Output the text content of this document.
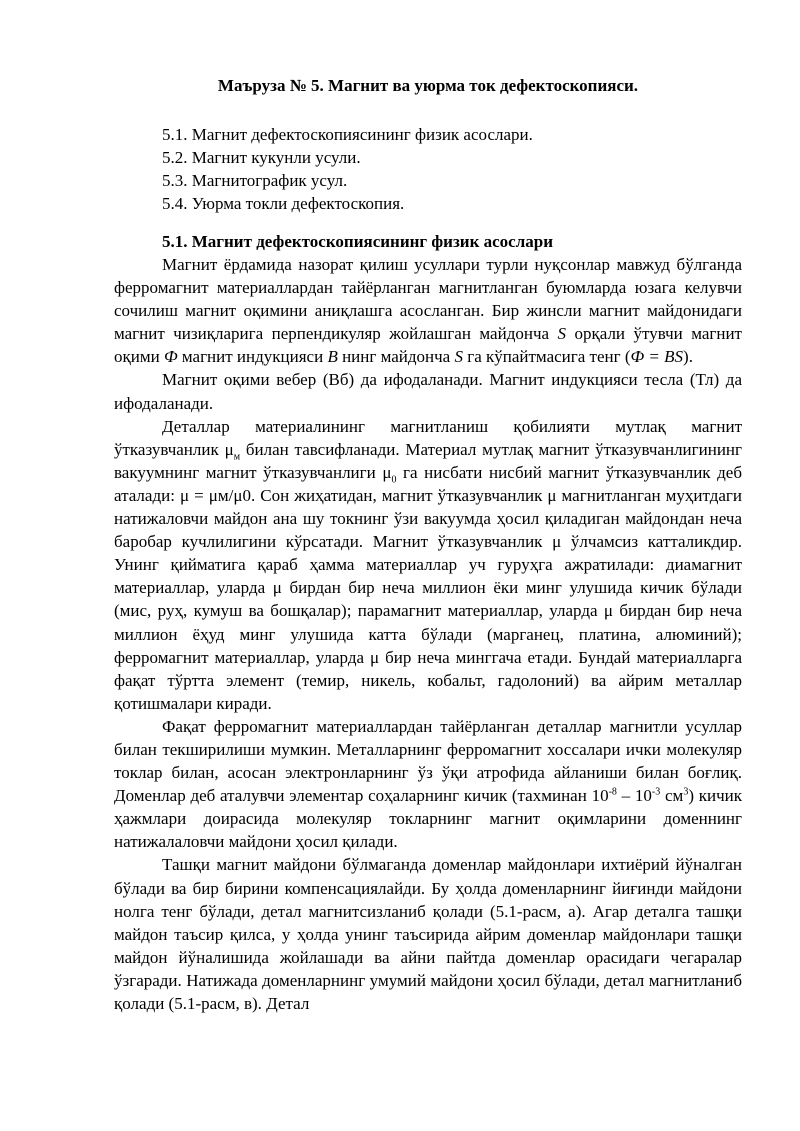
Маъруза № 5. Магнит ва уюрма ток дефектоскопияси.
5.1. Магнит дефектоскопиясининг физик асослари.
5.2. Магнит кукунли усули.
5.3. Магнитографик усул.
5.4. Уюрма токли дефектоскопия.
5.1. Магнит дефектоскопиясининг физик асослари

Магнит ёрдамида назорат қилиш усуллари турли нуқсонлар мавжуд бўлганда ферромагнит материаллардан тайёрланган магнитланган буюмларда юзага келувчи сочилиш магнит оқимини аниқлашга асосланган. Бир жинсли магнит майдонидаги магнит чизиқларига перпендикуляр жойлашган майдонча S орқали ўтувчи магнит оқими Ф магнит индукцияси B нинг майдонча S га кўпайтмасига тенг (Ф = BS).

Магнит оқими вебер (Вб) да ифодаланади. Магнит индукцияси тесла (Тл) да ифодаланади.

Деталлар материалининг магнитланиш қобилияти мутлақ магнит ўтказувчанлик $\mu_м$ билан тавсифланади. Материал мутлақ магнит ўтказувчанлигининг вакуумнинг магнит ўтказувчанлиги $\mu_0$ га нисбати нисбий магнит ўтказувчанлик деб аталади: μ = μм/μ0. Сон жиҳатидан, магнит ўтказувчанлик μ магнитланган муҳитдаги натижаловчи майдон ана шу токнинг ўзи вакуумда ҳосил қиладиган майдондан неча баробар кучлилигини кўрсатади. Магнит ўтказувчанлик μ ўлчамсиз катталикдир. Унинг қийматига қараб ҳамма материаллар уч гуруҳга ажратилади: диамагнит материаллар, уларда μ бирдан бир неча миллион ёки минг улушида кичик бўлади (мис, руҳ, кумуш ва бошқалар); парамагнит материаллар, уларда μ бирдан бир неча миллион ёҳуд минг улушида катта бўлади (марганец, платина, алюминий); ферромагнит материаллар, уларда μ бир неча минггача етади. Бундай материалларга фақат тўртта элемент (темир, никель, кобальт, гадолоний) ва айрим металлар қотишмалари киради.

Фақат ферромагнит материаллардан тайёрланган деталлар магнитли усуллар билан текширилиши мумкин. Металларнинг ферромагнит хоссалари ички молекуляр токлар билан, асосан электронларнинг ўз ўқи атрофида айланиши билан боғлиқ. Доменлар деб аталувчи элементар соҳаларнинг кичик (тахминан $10^{-8} - 10^{-3}$ $см^3$) кичик ҳажмлари доирасида молекуляр токларнинг магнит оқимларини доменнинг натижалаловчи майдони ҳосил қилади.

Ташқи магнит майдони бўлмаганда доменлар майдонлари ихтиёрий йўналган бўлади ва бир бирини компенсациялайди. Бу ҳолда доменларнинг йиғинди майдони нолга тенг бўлади, детал магнитсизланиб қолади (5.1-расм, а). Агар деталга ташқи майдон таъсир қилса, у ҳолда унинг таъсирида айрим доменлар майдонлари ташқи майдон йўналишида жойлашади ва айни пайтда доменлар орасидаги чегаралар ўзгаради. Натижада доменларнинг умумий майдони ҳосил бўлади, детал магнитланиб қолади (5.1-расм, в). Детал
